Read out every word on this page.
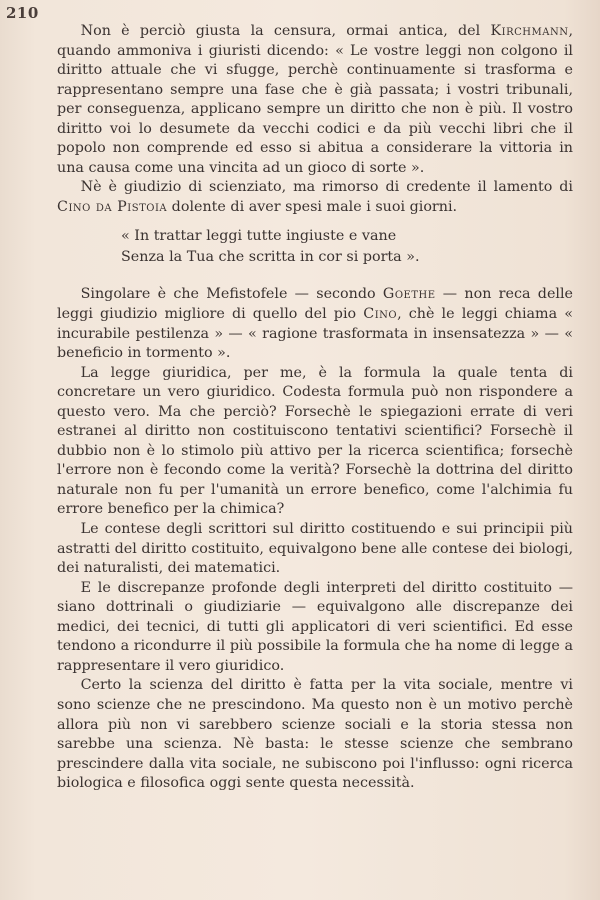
210

Non è perciò giusta la censura, ormai antica, del Kirchmann, quando ammoniva i giuristi dicendo: « Le vostre leggi non colgono il diritto attuale che vi sfugge, perchè continuamente si trasforma e rappresentano sempre una fase che è già passata; i vostri tribunali, per conseguenza, applicano sempre un diritto che non è più. Il vostro diritto voi lo desumete da vecchi codici e da più vecchi libri che il popolo non comprende ed esso si abitua a considerare la vittoria in una causa come una vincita ad un gioco di sorte ».

Nè è giudizio di scienziato, ma rimorso di credente il lamento di Cino da Pistoia dolente di aver spesi male i suoi giorni.

« In trattar leggi tutte ingiuste e vane
Senza la Tua che scritta in cor si porta ».

Singolare è che Mefistofele — secondo Goethe — non reca delle leggi giudizio migliore di quello del pio Cino, chè le leggi chiama « incurabile pestilenza » — « ragione trasformata in insensatezza » — « beneficio in tormento ».

La legge giuridica, per me, è la formula la quale tenta di concretare un vero giuridico. Codesta formula può non rispondere a questo vero. Ma che perciò? Forsechè le spiegazioni errate di veri estranei al diritto non costituiscono tentativi scientifici? Forsechè il dubbio non è lo stimolo più attivo per la ricerca scientifica; forsechè l'errore non è fecondo come la verità? Forsechè la dottrina del diritto naturale non fu per l'umanità un errore benefico, come l'alchimia fu errore benefico per la chimica?

Le contese degli scrittori sul diritto costituendo e sui principii più astratti del diritto costituito, equivalgono bene alle contese dei biologi, dei naturalisti, dei matematici.

E le discrepanze profonde degli interpreti del diritto costituito — siano dottrinali o giudiziarie — equivalgono alle discrepanze dei medici, dei tecnici, di tutti gli applicatori di veri scientifici. Ed esse tendono a ricondurre il più possibile la formula che ha nome di legge a rappresentare il vero giuridico.

Certo la scienza del diritto è fatta per la vita sociale, mentre vi sono scienze che ne prescindono. Ma questo non è un motivo perchè allora più non vi sarebbero scienze sociali e la storia stessa non sarebbe una scienza. Nè basta: le stesse scienze che sembrano prescindere dalla vita sociale, ne subiscono poi l'influsso: ogni ricerca biologica e filosofica oggi sente questa necessità.
